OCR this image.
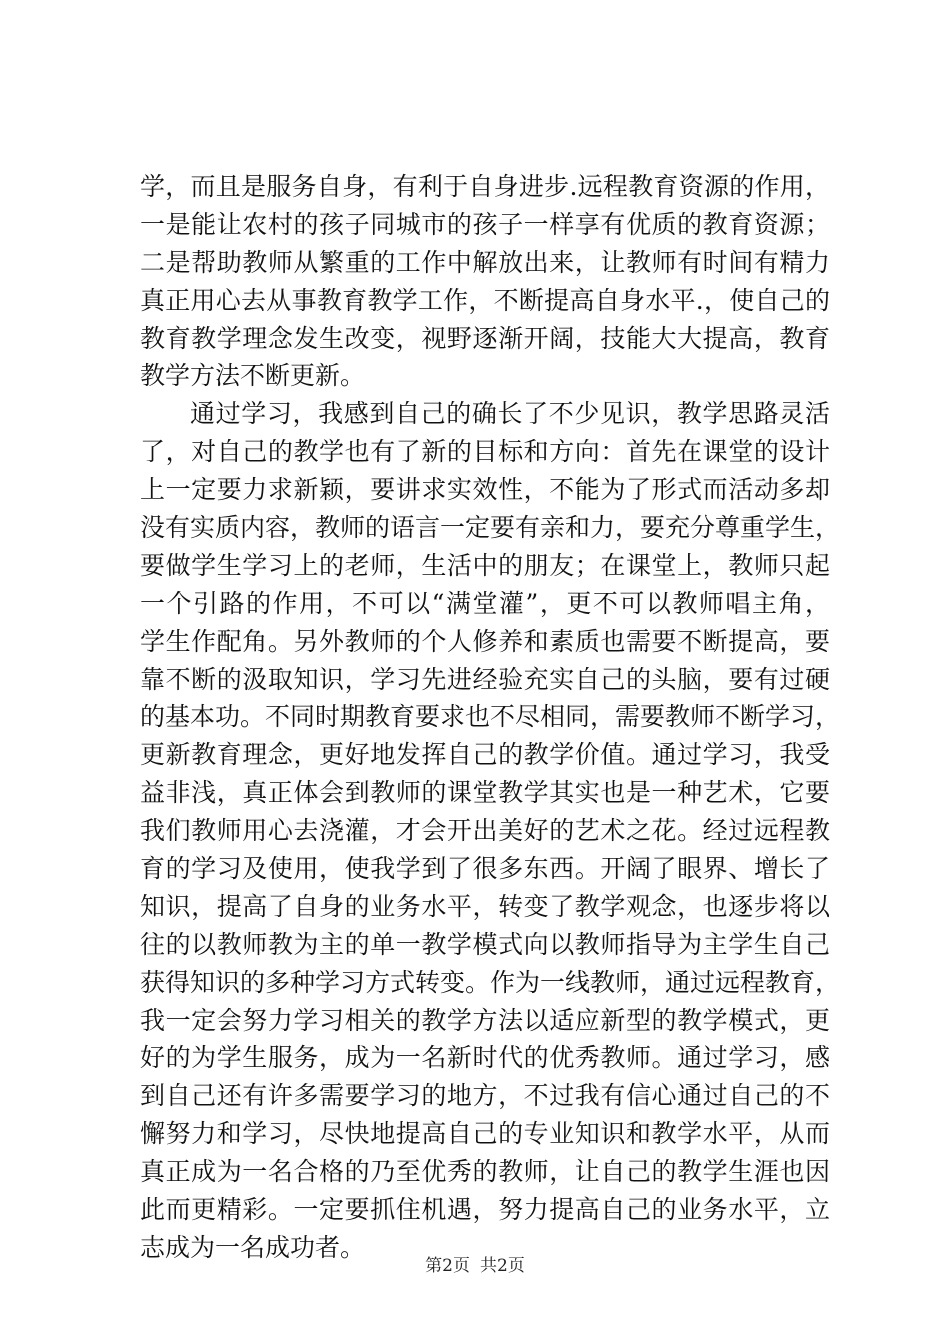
学，而且是服务自身，有利于自身进步.远程教育资源的作用，
一是能让农村的孩子同城市的孩子一样享有优质的教育资源；
二是帮助教师从繁重的工作中解放出来，让教师有时间有精力
真正用心去从事教育教学工作，不断提高自身水平.，使自己的
教育教学理念发生改变，视野逐渐开阔，技能大大提高，教育
教学方法不断更新。
通过学习，我感到自己的确长了不少见识，教学思路灵活
了，对自己的教学也有了新的目标和方向：首先在课堂的设计
上一定要力求新颖，要讲求实效性，不能为了形式而活动多却
没有实质内容，教师的语言一定要有亲和力，要充分尊重学生，
要做学生学习上的老师，生活中的朋友；在课堂上，教师只起
一个引路的作用，不可以“满堂灌”，更不可以教师唱主角，
学生作配角。另外教师的个人修养和素质也需要不断提高，要
靠不断的汲取知识，学习先进经验充实自己的头脑，要有过硬
的基本功。不同时期教育要求也不尽相同，需要教师不断学习，
更新教育理念，更好地发挥自己的教学价值。通过学习，我受
益非浅，真正体会到教师的课堂教学其实也是一种艺术，它要
我们教师用心去浇灌，才会开出美好的艺术之花。经过远程教
育的学习及使用，使我学到了很多东西。开阔了眼界、增长了
知识，提高了自身的业务水平，转变了教学观念，也逐步将以
往的以教师教为主的单一教学模式向以教师指导为主学生自己
获得知识的多种学习方式转变。作为一线教师，通过远程教育，
我一定会努力学习相关的教学方法以适应新型的教学模式，更
好的为学生服务，成为一名新时代的优秀教师。通过学习，感
到自己还有许多需要学习的地方，不过我有信心通过自己的不
懈努力和学习，尽快地提高自己的专业知识和教学水平，从而
真正成为一名合格的乃至优秀的教师，让自己的教学生涯也因
此而更精彩。一定要抓住机遇，努力提高自己的业务水平，立
志成为一名成功者。
第2页 共2页
